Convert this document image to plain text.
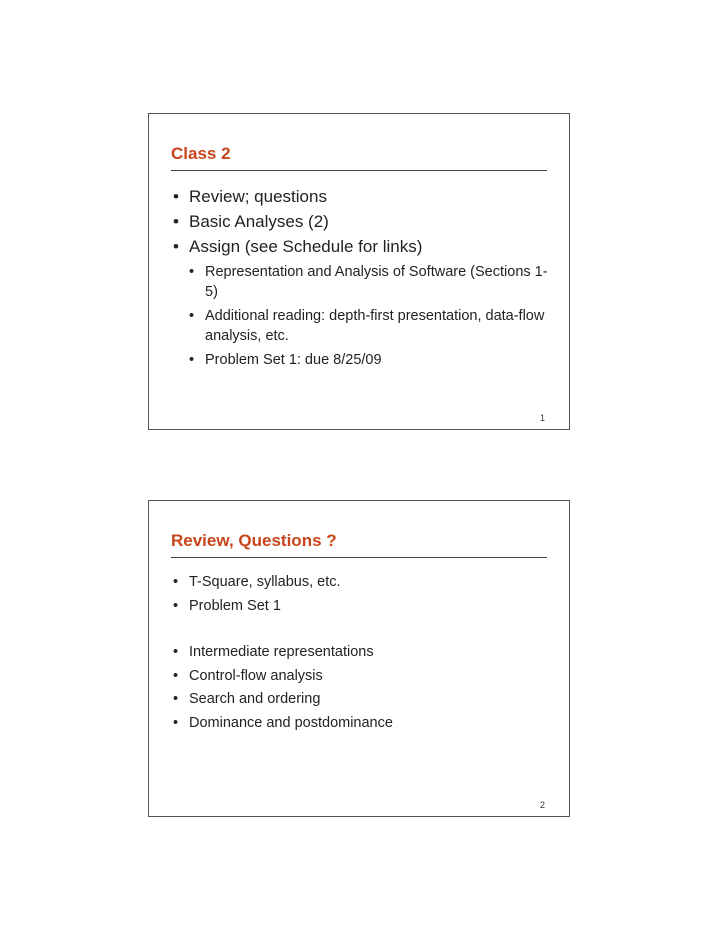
Class 2
• Review; questions
• Basic Analyses (2)
• Assign (see Schedule for links)
• Representation and Analysis of Software (Sections 1-5)
• Additional reading: depth-first presentation, data-flow analysis, etc.
• Problem Set 1: due 8/25/09
1
Review, Questions ?
• T-Square, syllabus, etc.
• Problem Set 1
• Intermediate representations
• Control-flow analysis
• Search and ordering
• Dominance and postdominance
2
